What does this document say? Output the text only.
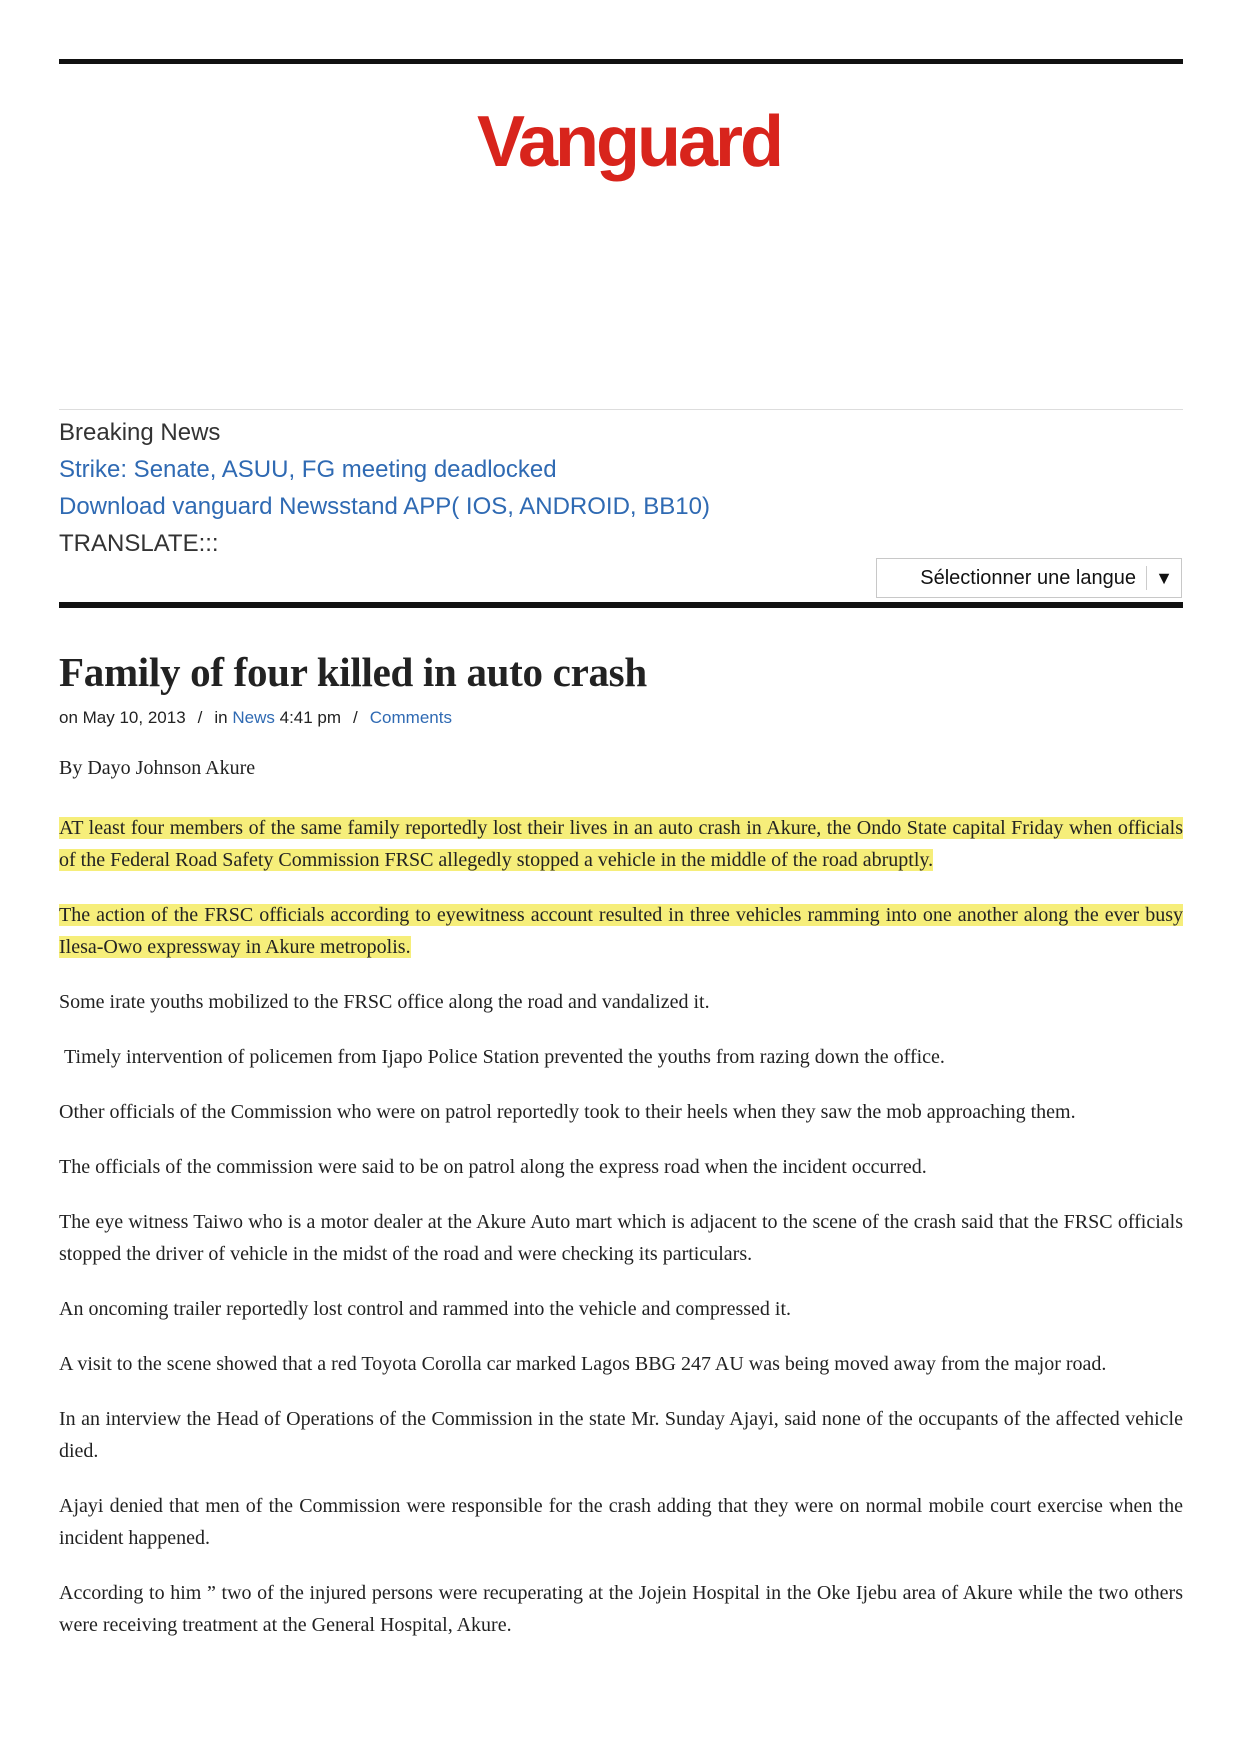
Vanguard
Breaking News
Strike: Senate, ASUU, FG meeting deadlocked
Download vanguard Newsstand APP( IOS, ANDROID, BB10)
TRANSLATE:::
Sélectionner une langue	▼
Family of four killed in auto crash
on May 10, 2013 / in News 4:41 pm / Comments
By Dayo Johnson Akure

AT least four members of the same family reportedly lost their lives in an auto crash in Akure, the Ondo State capital Friday when officials of the Federal Road Safety Commission FRSC allegedly stopped a vehicle in the middle of the road abruptly.

The action of the FRSC officials according to eyewitness account resulted in three vehicles ramming into one another along the ever busy Ilesa-Owo expressway in Akure metropolis.

Some irate youths mobilized to the FRSC office along the road and vandalized it.

Timely intervention of policemen from Ijapo Police Station prevented the youths from razing down the office.

Other officials of the Commission who were on patrol reportedly took to their heels when they saw the mob approaching them.

The officials of the commission were said to be on patrol along the express road when the incident occurred.

The eye witness Taiwo who is a motor dealer at the Akure Auto mart which is adjacent to the scene of the crash said that the FRSC officials stopped the driver of vehicle in the midst of the road and were checking its particulars.

An oncoming trailer reportedly lost control and rammed into the vehicle and compressed it.

A visit to the scene showed that a red Toyota Corolla car marked Lagos BBG 247 AU was being moved away from the major road.

In an interview the Head of Operations of the Commission in the state Mr. Sunday Ajayi, said none of the occupants of the affected vehicle died.

Ajayi denied that men of the Commission were responsible for the crash adding that they were on normal mobile court exercise when the incident happened.

According to him ” two of the injured persons were recuperating at the Jojein Hospital in the Oke Ijebu area of Akure while the two others were receiving treatment at the General Hospital, Akure.
